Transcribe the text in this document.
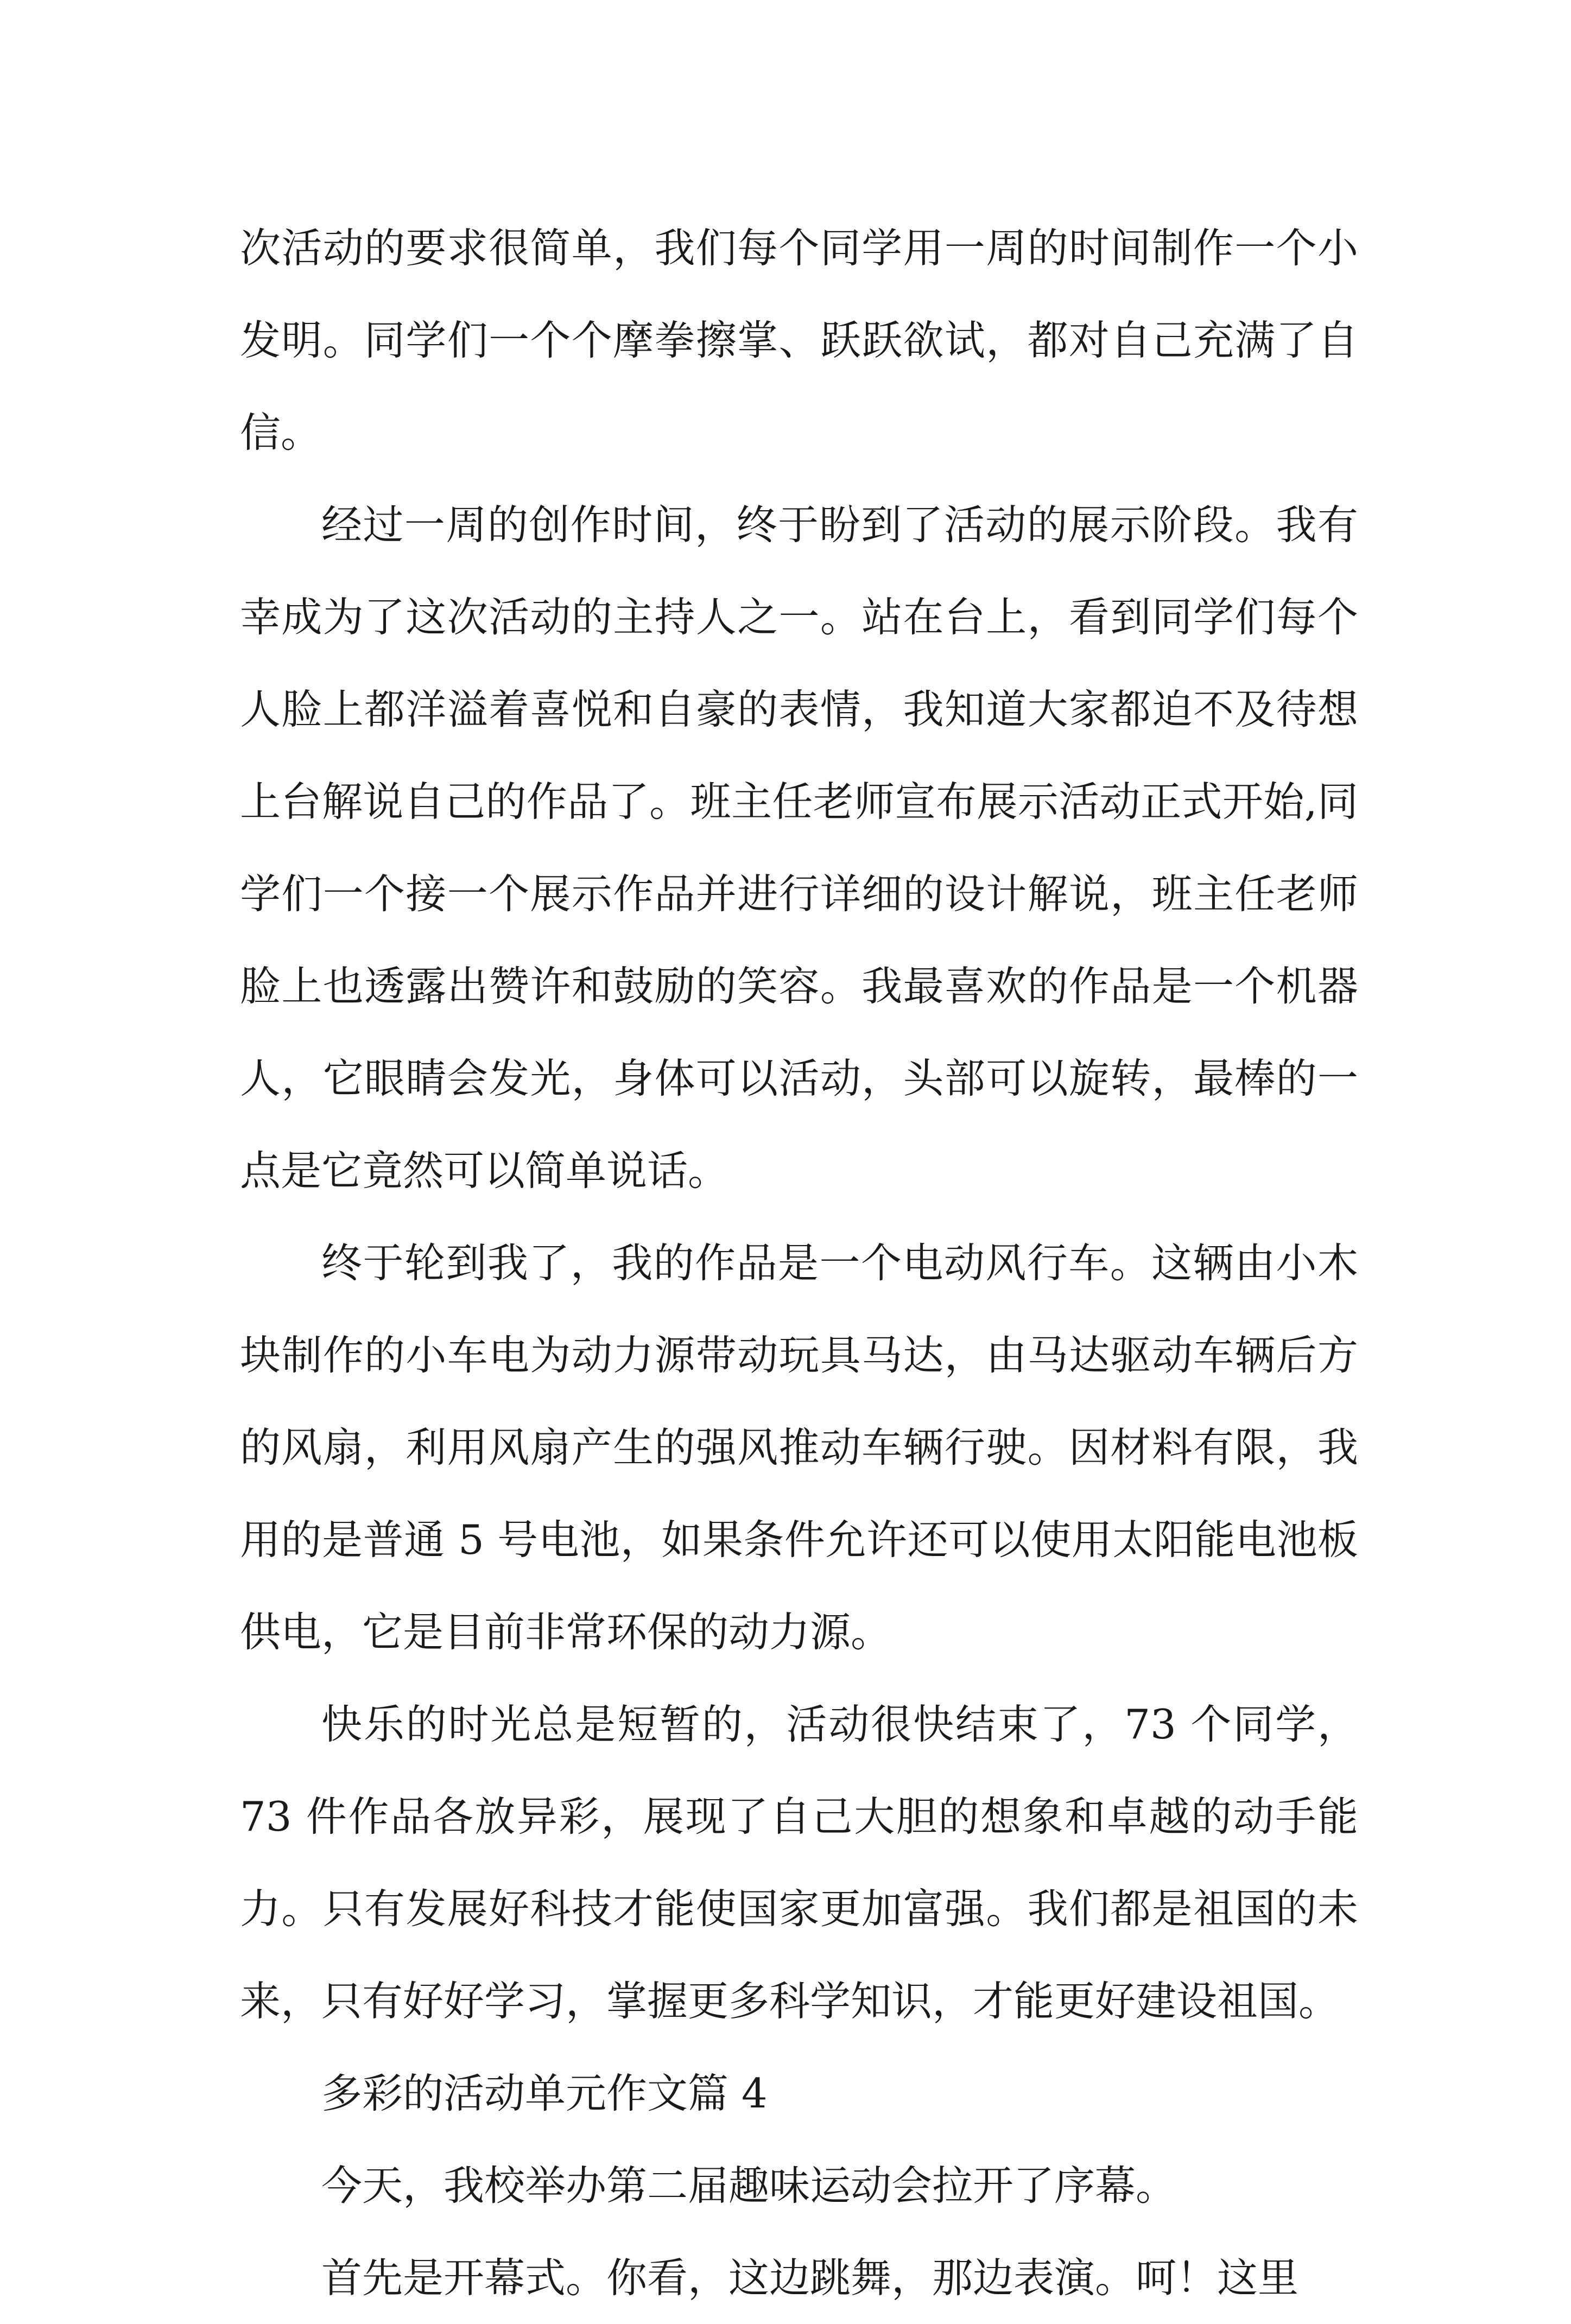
次活动的要求很简单，我们每个同学用一周的时间制作一个小发明。同学们一个个摩拳擦掌、跃跃欲试，都对自己充满了自信。

经过一周的创作时间，终于盼到了活动的展示阶段。我有幸成为了这次活动的主持人之一。站在台上，看到同学们每个人脸上都洋溢着喜悦和自豪的表情，我知道大家都迫不及待想上台解说自己的作品了。班主任老师宣布展示活动正式开始,同学们一个接一个展示作品并进行详细的设计解说，班主任老师脸上也透露出赞许和鼓励的笑容。我最喜欢的作品是一个机器人，它眼睛会发光，身体可以活动，头部可以旋转，最棒的一点是它竟然可以简单说话。

终于轮到我了，我的作品是一个电动风行车。这辆由小木块制作的小车电为动力源带动玩具马达，由马达驱动车辆后方的风扇，利用风扇产生的强风推动车辆行驶。因材料有限，我用的是普通 5 号电池，如果条件允许还可以使用太阳能电池板供电，它是目前非常环保的动力源。

快乐的时光总是短暂的，活动很快结束了，73 个同学，73 件作品各放异彩，展现了自己大胆的想象和卓越的动手能力。只有发展好科技才能使国家更加富强。我们都是祖国的未来，只有好好学习，掌握更多科学知识，才能更好建设祖国。

多彩的活动单元作文篇 4

今天，我校举办第二届趣味运动会拉开了序幕。

首先是开幕式。你看，这边跳舞，那边表演。呵！这里
